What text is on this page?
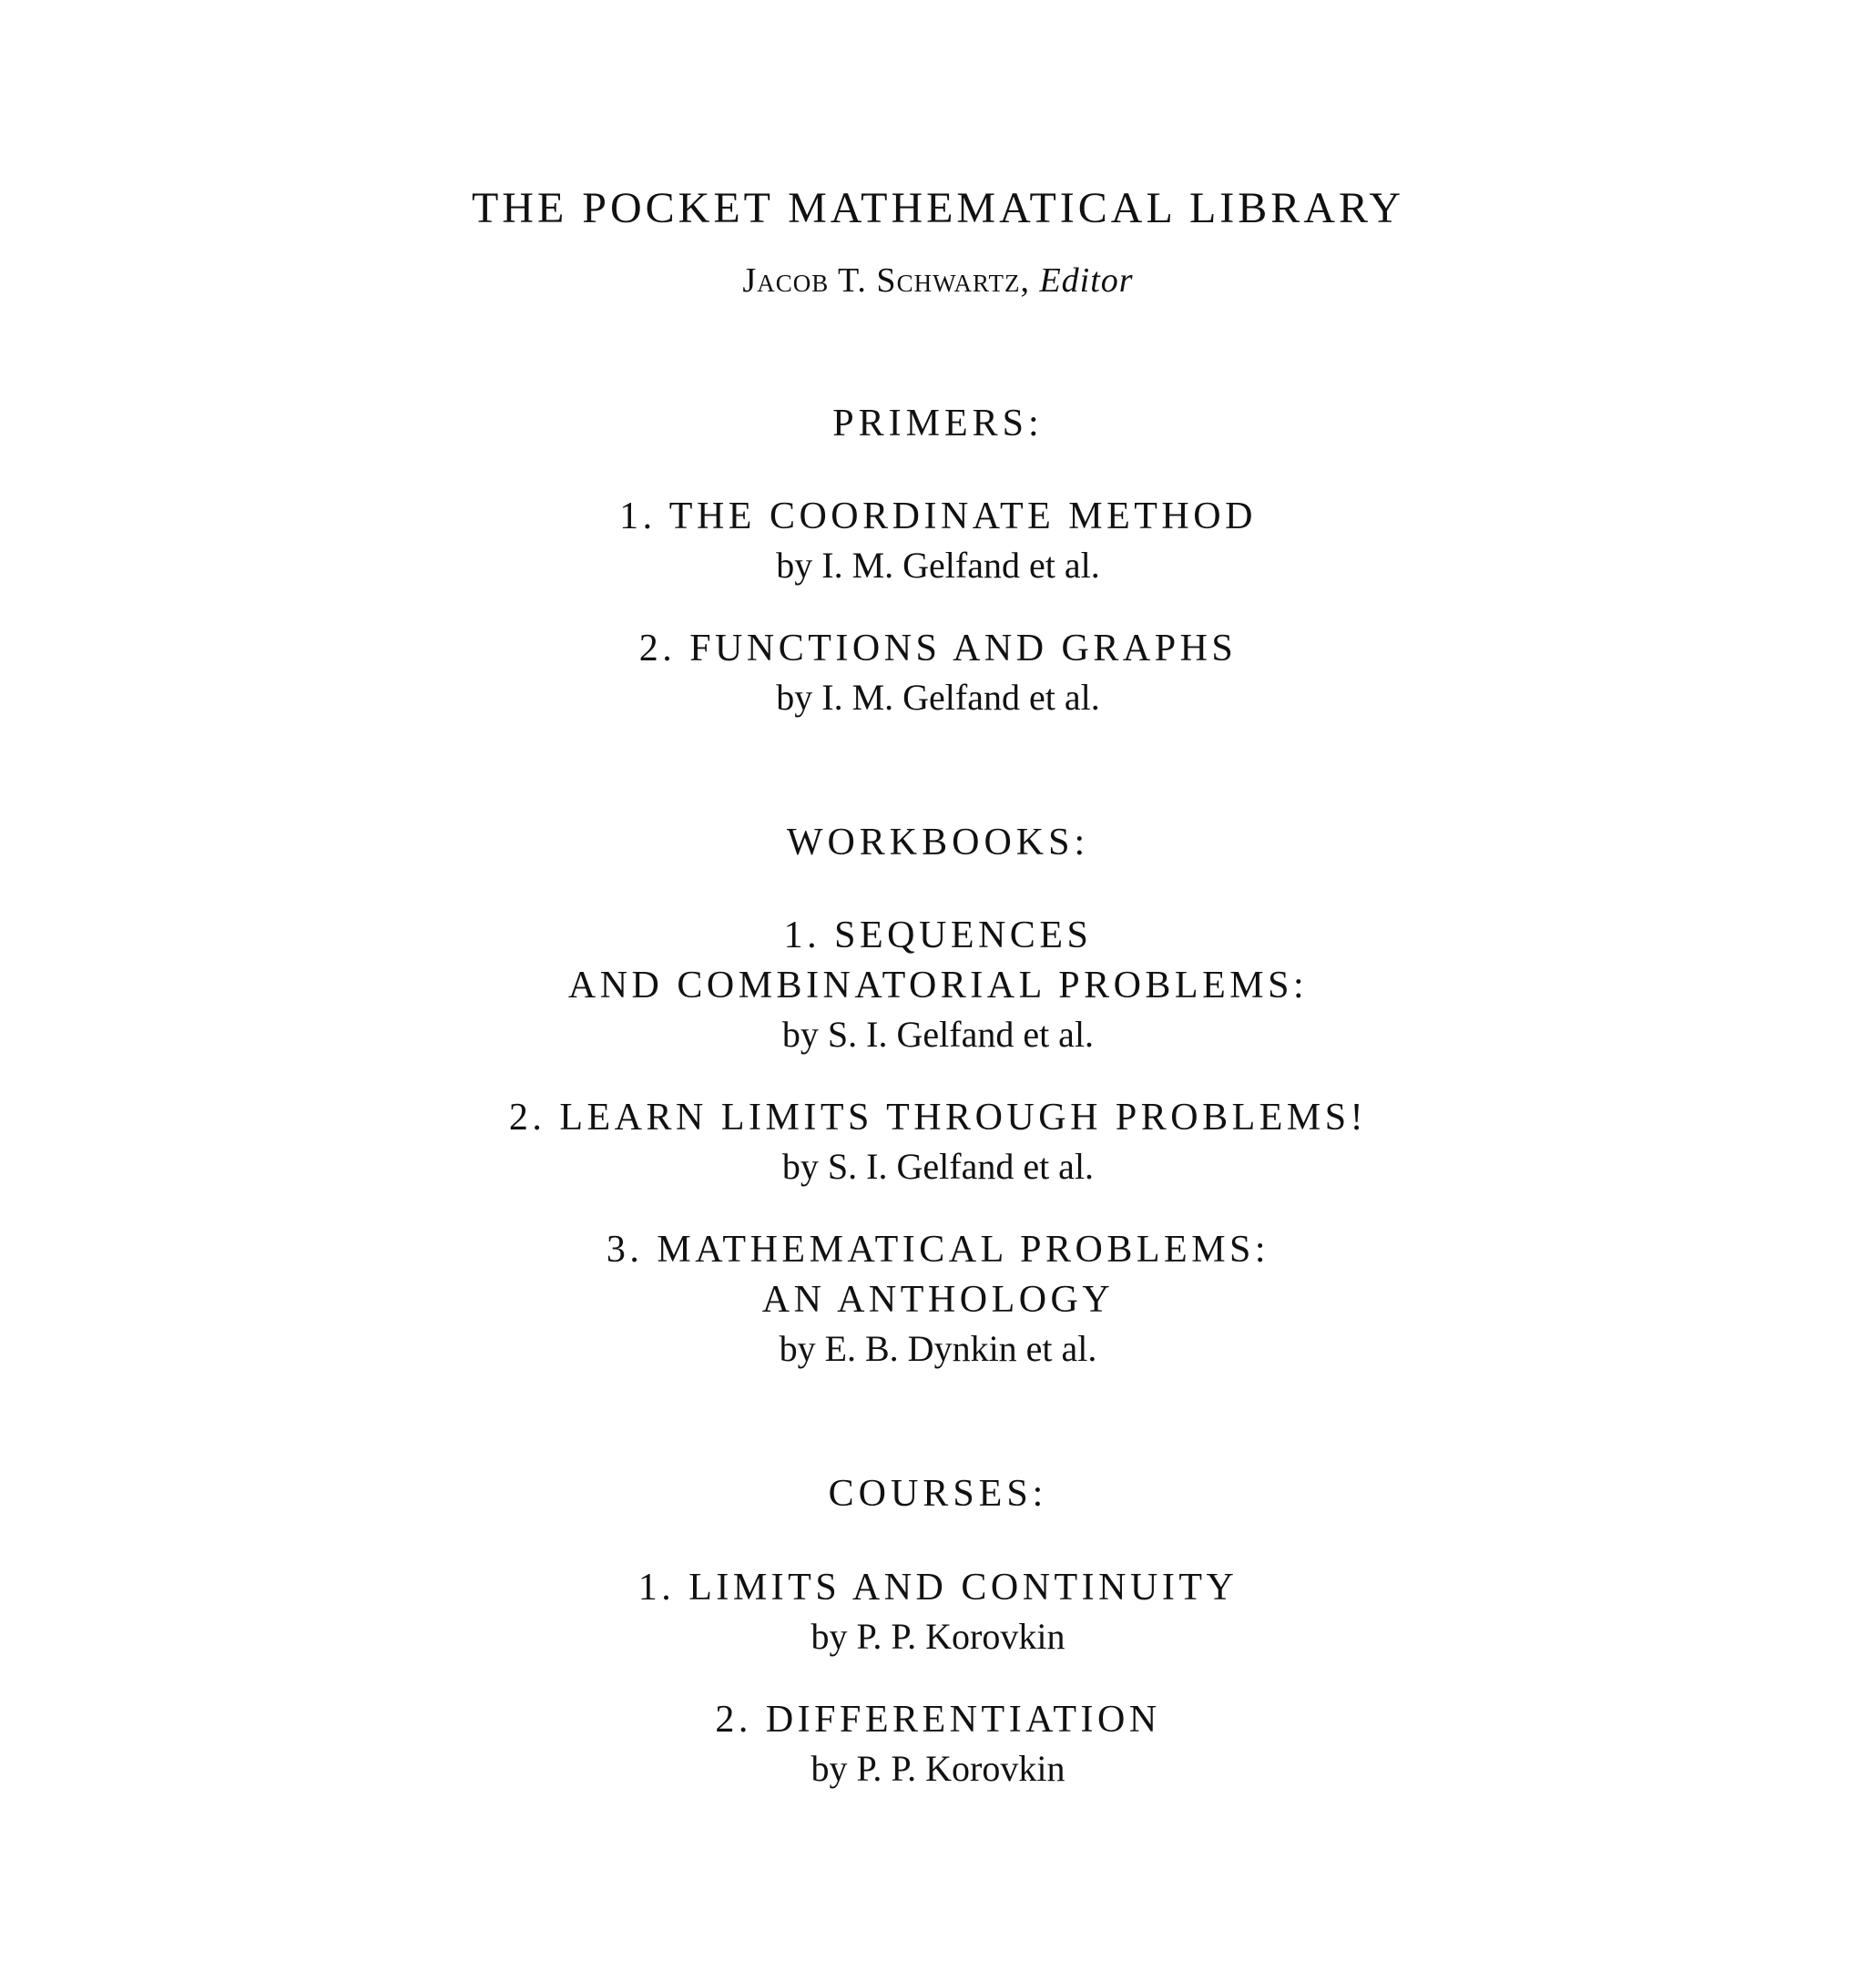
THE POCKET MATHEMATICAL LIBRARY
Jacob T. Schwartz, Editor
PRIMERS:
1. THE COORDINATE METHOD
by I. M. Gelfand et al.
2. FUNCTIONS AND GRAPHS
by I. M. Gelfand et al.
WORKBOOKS:
1. SEQUENCES
AND COMBINATORIAL PROBLEMS:
by S. I. Gelfand et al.
2. LEARN LIMITS THROUGH PROBLEMS!
by S. I. Gelfand et al.
3. MATHEMATICAL PROBLEMS:
AN ANTHOLOGY
by E. B. Dynkin et al.
COURSES:
1. LIMITS AND CONTINUITY
by P. P. Korovkin
2. DIFFERENTIATION
by P. P. Korovkin
